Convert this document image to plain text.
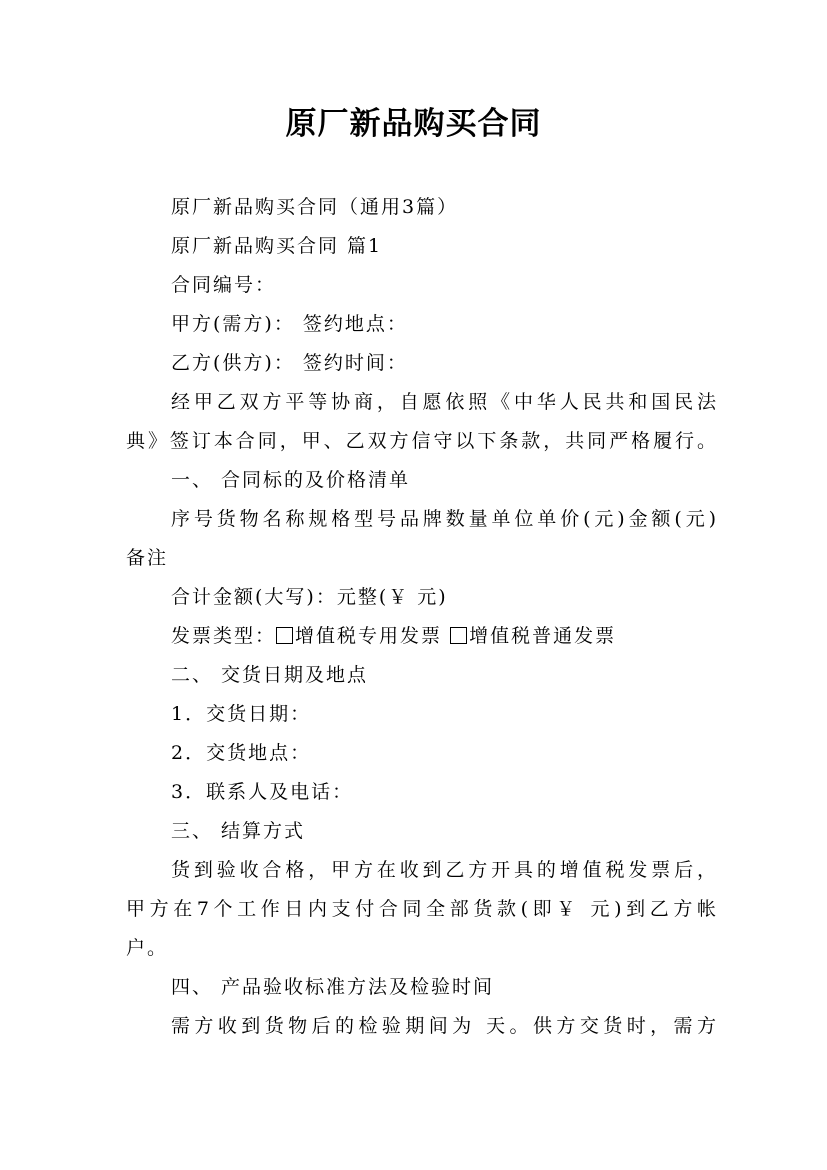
原厂新品购买合同
原厂新品购买合同（通用3篇）
原厂新品购买合同 篇1
合同编号：
甲方(需方)： 签约地点：
乙方(供方)： 签约时间：
经甲乙双方平等协商，自愿依照《中华人民共和国民法
典》签订本合同，甲、乙双方信守以下条款，共同严格履行。
一、 合同标的及价格清单
序号货物名称规格型号品牌数量单位单价(元)金额(元)
备注
合计金额(大写)：元整(￥ 元)
发票类型： 增值税专用发票 增值税普通发票
二、 交货日期及地点
1．交货日期：
2．交货地点：
3．联系人及电话：
三、 结算方式
货到验收合格，甲方在收到乙方开具的增值税发票后，
甲方在7个工作日内支付合同全部货款(即￥ 元)到乙方帐
户。
四、 产品验收标准方法及检验时间
需方收到货物后的检验期间为 天。供方交货时，需方
